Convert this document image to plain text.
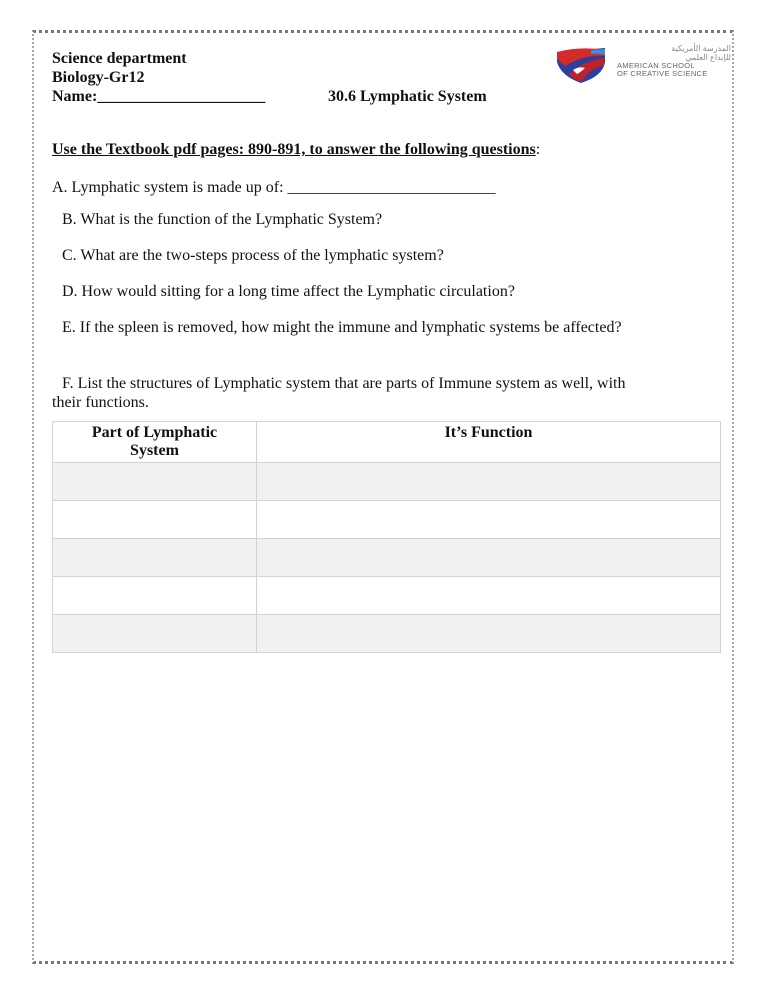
Science department
Biology-Gr12
Name:_____________________	30.6 Lymphatic System
المدرسة الأمريكية
للإبداع العلمي
AMERICAN SCHOOL
OF CREATIVE SCIENCE
Use the Textbook pdf pages: 890-891, to answer the following questions:
A. Lymphatic system is made up of: __________________________
B. What is the function of the Lymphatic System?
C. What are the two-steps process of the lymphatic system?
D. How would sitting for a long time affect the Lymphatic circulation?
E. If the spleen is removed, how might the immune and lymphatic systems be affected?
F. List the structures of Lymphatic system that are parts of Immune system as well, with
their functions.
Part of Lymphatic
System	It’s Function
